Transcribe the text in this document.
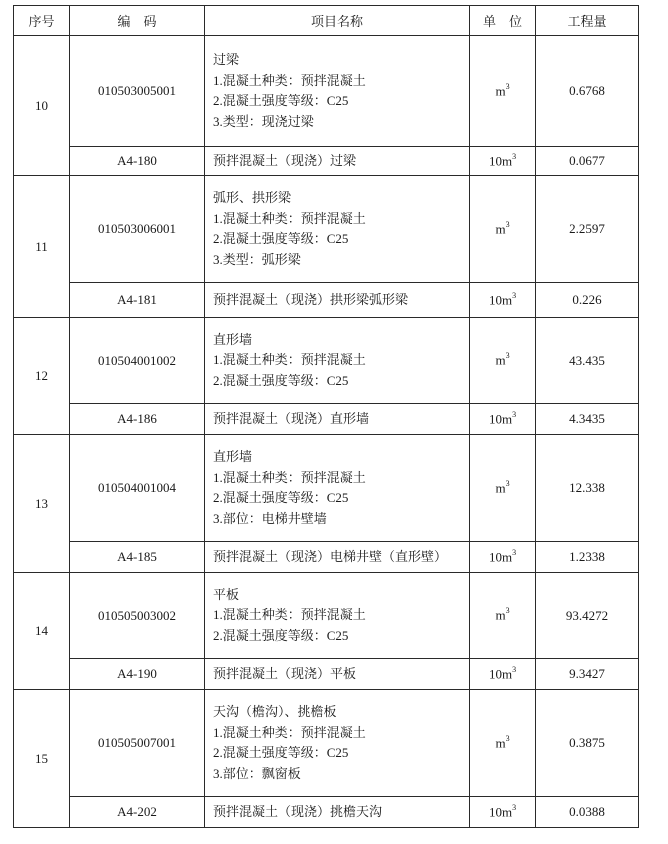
序号	编　码	项目名称	单　位	工程量
10	010503005001	过梁
1.混凝土种类：预拌混凝土
2.混凝土强度等级：C25
3.类型：现浇过梁	$m^3$	0.6768
	A4-180	预拌混凝土（现浇）过梁	$10m^3$	0.0677
11	010503006001	弧形、拱形梁
1.混凝土种类：预拌混凝土
2.混凝土强度等级：C25
3.类型：弧形梁	$m^3$	2.2597
	A4-181	预拌混凝土（现浇）拱形梁弧形梁	$10m^3$	0.226
12	010504001002	直形墙
1.混凝土种类：预拌混凝土
2.混凝土强度等级：C25	$m^3$	43.435
	A4-186	预拌混凝土（现浇）直形墙	$10m^3$	4.3435
13	010504001004	直形墙
1.混凝土种类：预拌混凝土
2.混凝土强度等级：C25
3.部位：电梯井壁墙	$m^3$	12.338
	A4-185	预拌混凝土（现浇）电梯井壁（直形壁）	$10m^3$	1.2338
14	010505003002	平板
1.混凝土种类：预拌混凝土
2.混凝土强度等级：C25	$m^3$	93.4272
	A4-190	预拌混凝土（现浇）平板	$10m^3$	9.3427
15	010505007001	天沟（檐沟）、挑檐板
1.混凝土种类：预拌混凝土
2.混凝土强度等级：C25
3.部位：飘窗板	$m^3$	0.3875
	A4-202	预拌混凝土（现浇）挑檐天沟	$10m^3$	0.0388
